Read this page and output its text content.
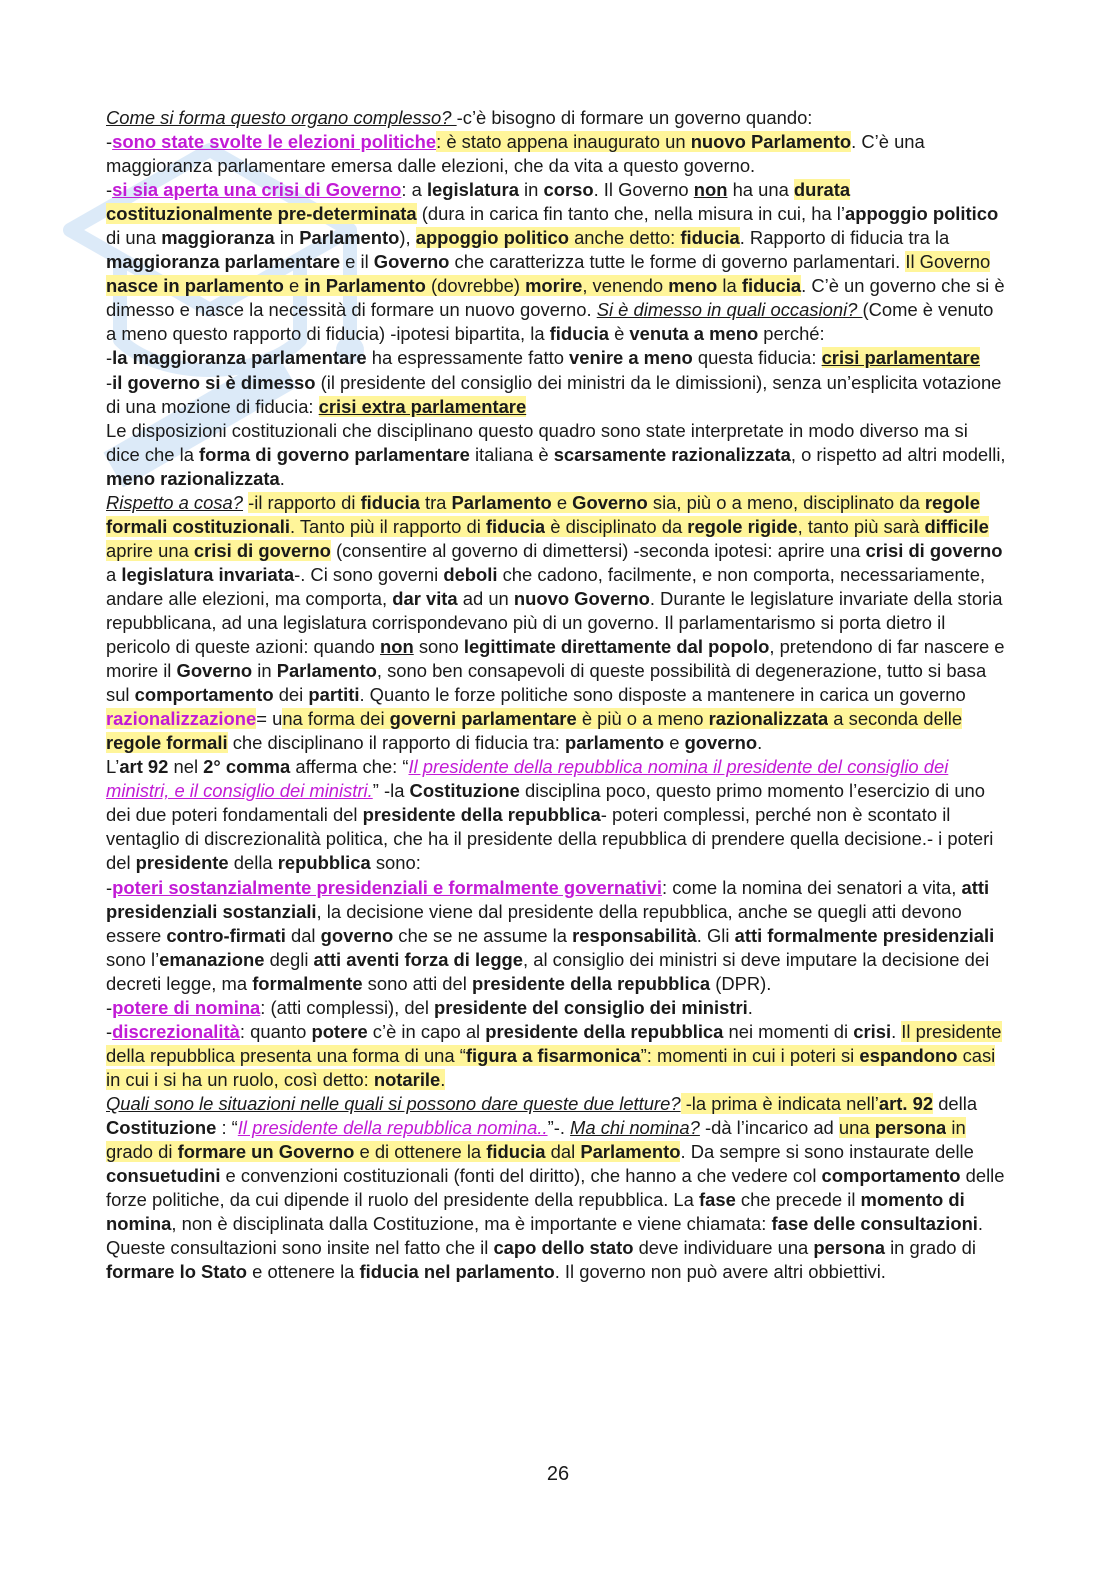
Come si forma questo organo complesso? -c’è bisogno di formare un governo quando:

-sono state svolte le elezioni politiche: è stato appena inaugurato un nuovo Parlamento. C’è una maggioranza parlamentare emersa dalle elezioni, che da vita a questo governo.

-si sia aperta una crisi di Governo: a legislatura in corso. Il Governo non ha una durata costituzionalmente pre-determinata (dura in carica fin tanto che, nella misura in cui, ha l’appoggio politico di una maggioranza in Parlamento), appoggio politico anche detto: fiducia. Rapporto di fiducia tra la maggioranza parlamentare e il Governo che caratterizza tutte le forme di governo parlamentari. Il Governo nasce in parlamento e in Parlamento (dovrebbe) morire, venendo meno la fiducia. C’è un governo che si è dimesso e nasce la necessità di formare un nuovo governo. Si è dimesso in quali occasioni? (Come è venuto a meno questo rapporto di fiducia) -ipotesi bipartita, la fiducia è venuta a meno perché:

-la maggioranza parlamentare ha espressamente fatto venire a meno questa fiducia: crisi parlamentare

-il governo si è dimesso (il presidente del consiglio dei ministri da le dimissioni), senza un’esplicita votazione di una mozione di fiducia: crisi extra parlamentare

Le disposizioni costituzionali che disciplinano questo quadro sono state interpretate in modo diverso ma si dice che la forma di governo parlamentare italiana è scarsamente razionalizzata, o rispetto ad altri modelli, meno razionalizzata.

Rispetto a cosa? -il rapporto di fiducia tra Parlamento e Governo sia, più o a meno, disciplinato da regole formali costituzionali. Tanto più il rapporto di fiducia è disciplinato da regole rigide, tanto più sarà difficile aprire una crisi di governo (consentire al governo di dimettersi) -seconda ipotesi: aprire una crisi di governo a legislatura invariata-. Ci sono governi deboli che cadono, facilmente, e non comporta, necessariamente, andare alle elezioni, ma comporta, dar vita ad un nuovo Governo. Durante le legislature invariate della storia repubblicana, ad una legislatura corrispondevano più di un governo. Il parlamentarismo si porta dietro il pericolo di queste azioni: quando non sono legittimate direttamente dal popolo, pretendono di far nascere e morire il Governo in Parlamento, sono ben consapevoli di queste possibilità di degenerazione, tutto si basa sul comportamento dei partiti. Quanto le forze politiche sono disposte a mantenere in carica un governo

razionalizzazione= una forma dei governi parlamentare è più o a meno razionalizzata a seconda delle regole formali che disciplinano il rapporto di fiducia tra: parlamento e governo.

L’art 92 nel 2° comma afferma che: “Il presidente della repubblica nomina il presidente del consiglio dei ministri, e il consiglio dei ministri.” -la Costituzione disciplina poco, questo primo momento l’esercizio di uno dei due poteri fondamentali del presidente della repubblica- poteri complessi, perché non è scontato il ventaglio di discrezionalità politica, che ha il presidente della repubblica di prendere quella decisione.- i poteri del presidente della repubblica sono:

-poteri sostanzialmente presidenziali e formalmente governativi: come la nomina dei senatori a vita, atti presidenziali sostanziali, la decisione viene dal presidente della repubblica, anche se quegli atti devono essere contro-firmati dal governo che se ne assume la responsabilità. Gli atti formalmente presidenziali sono l’emanazione degli atti aventi forza di legge, al consiglio dei ministri si deve imputare la decisione dei decreti legge, ma formalmente sono atti del presidente della repubblica (DPR).

-potere di nomina: (atti complessi), del presidente del consiglio dei ministri.

-discrezionalità: quanto potere c’è in capo al presidente della repubblica nei momenti di crisi. Il presidente della repubblica presenta una forma di una “figura a fisarmonica”: momenti in cui i poteri si espandono casi in cui i si ha un ruolo, così detto: notarile.

Quali sono le situazioni nelle quali si possono dare queste due letture? -la prima è indicata nell’art. 92 della Costituzione : “Il presidente della repubblica nomina..”-. Ma chi nomina? -dà l’incarico ad una persona in grado di formare un Governo e di ottenere la fiducia dal Parlamento. Da sempre si sono instaurate delle consuetudini e convenzioni costituzionali (fonti del diritto), che hanno a che vedere col comportamento delle forze politiche, da cui dipende il ruolo del presidente della repubblica. La fase che precede il momento di nomina, non è disciplinata dalla Costituzione, ma è importante e viene chiamata: fase delle consultazioni. Queste consultazioni sono insite nel fatto che il capo dello stato deve individuare una persona in grado di formare lo Stato e ottenere la fiducia nel parlamento. Il governo non può avere altri obbiettivi.

26
